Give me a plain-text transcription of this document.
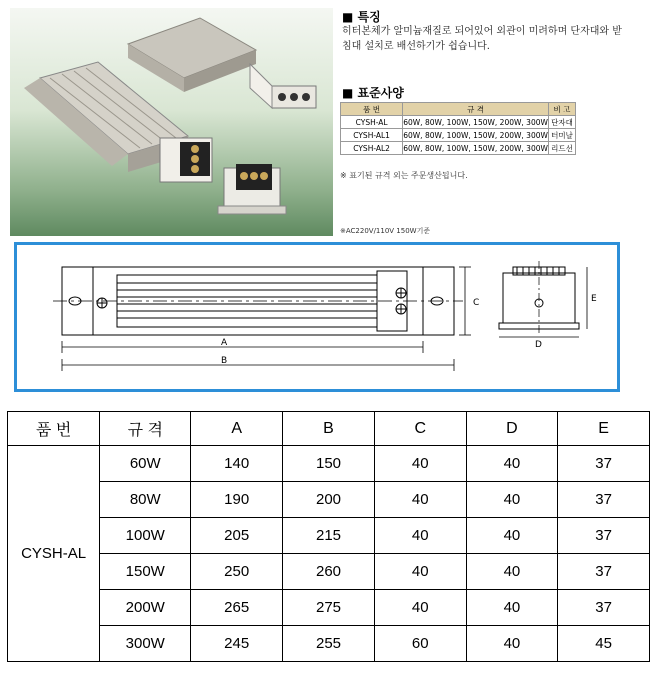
■ 특징
히터본체가 알미늄재질로 되어있어 외관이 미려하며 단자대와 받
침대 설치로 배선하기가 쉽습니다.
■ 표준사양
품 번	규 격	비 고
CYSH-AL	60W, 80W, 100W, 150W, 200W, 300W	단자대
CYSH-AL1	60W, 80W, 100W, 150W, 200W, 300W	터미날
CYSH-AL2	60W, 80W, 100W, 150W, 200W, 300W	리드선
※ 표기된 규격 외는 주문생산됩니다.
※AC220V/110V 150W기준
A
B
C
D
E
품 번	규 격	A	B	C	D	E
CYSH-AL	60W	140	150	40	40	37
	80W	190	200	40	40	37
	100W	205	215	40	40	37
	150W	250	260	40	40	37
	200W	265	275	40	40	37
	300W	245	255	60	40	45
